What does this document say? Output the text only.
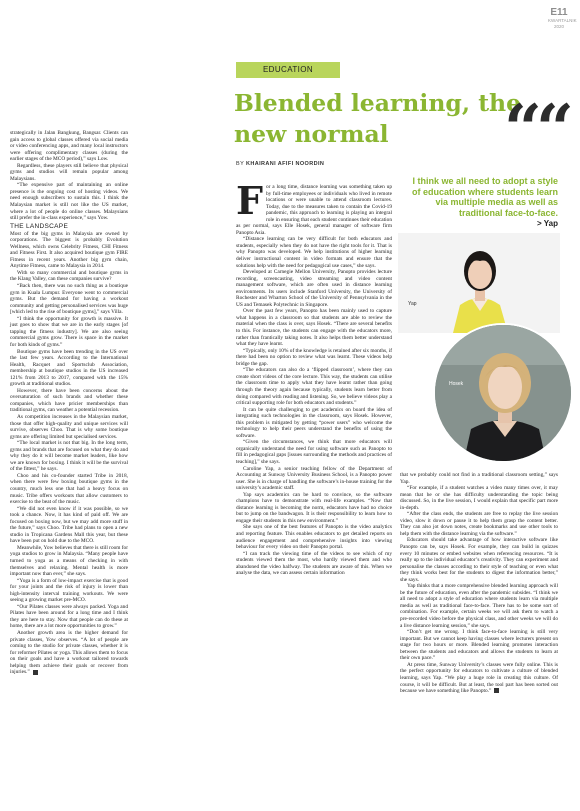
E11
KWARTALNIK
2020
EDUCATION
Blended learning, the new normal
BY KHAIRANI AFIFI NOORDIN

strategically in Jalan Bangkung, Bangsar. Clients can gain access to global classes offered via social media or video conferencing apps, and many local instructors were offering complimentary classes (during the earlier stages of the MCO period),” says Low.

Regardless, these players still believe that physical gyms and studios will remain popular among Malaysians.

“The expensive part of maintaining an online presence is the ongoing cost of hosting videos. We need enough subscribers to sustain this. I think the Malaysian market is still not like the US market, where a lot of people do online classes. Malaysians still prefer the in-class experience,” says Yow.

THE LANDSCAPE

Most of the big gyms in Malaysia are owned by corporations. The biggest is probably Evolution Wellness, which owns Celebrity Fitness, CHI Fitness and Fitness First. It also acquired boutique gym FIRE Fitness in recent years. Another big gym chain, Anytime Fitness, came to Malaysia in 2014.

With so many commercial and boutique gyms in the Klang Valley, can these companies survive?

“Back then, there was no such thing as a boutique gym in Kuala Lumpur. Everyone went to commercial gyms. But the demand for having a workout community and getting personalised services was huge [which led to the rise of boutique gyms],” says Villa.

“I think the opportunity for growth is massive. It just goes to show that we are in the early stages [of tapping the fitness industry]. We are also seeing commercial gyms grow. There is space in the market for both kinds of gyms.”

Boutique gyms have been trending in the US over the last few years. According to the International Health, Racquet and Sportsclub Association, membership at boutique studios in the US increased 121% from 2013 to 2017, compared with the 15% growth at traditional studios.

However, there have been concerns about the oversaturation of such brands and whether these companies, which have pricier memberships than traditional gyms, can weather a potential recession.

As competition increases in the Malaysian market, those that offer high-quality and unique services will survive, observes Choo. That is why some boutique gyms are offering limited but specialised services.

“The local market is not that big. In the long term, gyms and brands that are focused on what they do and why they do it will become market leaders, like how we are known for boxing. I think it will be the survival of the fittest,” he says.

Choo and his co-founder started Tribe in 2018, when there were few boxing boutique gyms in the country, much less one that had a heavy focus on music. Tribe offers workouts that allow customers to exercise to the beat of the music.

“We did not even know if it was possible, so we took a chance. Now, it has kind of paid off. We are focused on boxing now, but we may add more stuff in the future,” says Choo. Tribe had plans to open a new studio in Tropicana Gardens Mall this year, but these have been put on hold due to the MCO.

Meanwhile, Yow believes that there is still room for yoga studios to grow in Malaysia. “Many people have turned to yoga as a means of checking in with themselves and relaxing. Mental health is more important now than ever,” she says.

“Yoga is a form of low-impact exercise that is good for your joints and the risk of injury is lower than high-intensity interval training workouts. We were seeing a growing market pre-MCO.

“Our Pilates classes were always packed. Yoga and Pilates have been around for a long time and I think they are here to stay. Now that people can do these at home, there are a lot more opportunities to grow.”

Another growth area is the higher demand for private classes, Yow observes. “A lot of people are coming to the studio for private classes, whether it is for reformer Pilates or yoga. This allows them to focus on their goals and have a workout tailored towards helping them achieve their goals or recover from injuries.”

For a long time, distance learning was something taken up by full-time employees or individuals who lived in remote locations or were unable to attend classroom lectures. Today, due to the measures taken to contain the Covid-19 pandemic, this approach to learning is playing an integral role in ensuring that each student continues their education as per normal, says Elle Hosek, general manager of software firm Panopto Asia.

“Distance learning can be very difficult for both educators and students, especially when they do not have the right tools for it. That is why Panopto was developed. We help institutions of higher learning deliver instructional content in video formats and ensure that the solutions help with the need for pedagogical use cases,” she says.

Developed at Carnegie Mellon University, Panopto provides lecture recording, screencasting, video streaming and video content management software, which are often used in distance learning environments. Its users include Stanford University, the University of Rochester and Wharton School of the University of Pennsylvania in the US and Temasek Polytechnic in Singapore.

Over the past few years, Panopto has been mainly used to capture what happens in a classroom so that students are able to review the material when the class is over, says Hosek. “There are several benefits to this. For instance, the students can engage with the educators more, rather than frantically taking notes. It also helps them better understand what they have learnt.

“Typically, only 10% of the knowledge is retained after six months, if there had been no option to review what was learnt. These videos help bridge the gap.

“The educators can also do a ‘flipped classroom’, where they can create short videos of the core lecture. This way, the students can utilise the classroom time to apply what they have learnt rather than going through the theory again because typically, students learn better from doing compared with reading and listening. So, we believe videos play a critical supporting role for both educators and students.”

It can be quite challenging to get academics on board the idea of integrating such technologies in the classroom, says Hosek. However, this problem is mitigated by getting “power users” who welcome the technology to help their peers understand the benefits of using the software.

“Given the circumstances, we think that more educators will organically understand the need for using software such as Panopto to fill in pedagogical gaps [issues surrounding the methods and practices of teaching],” she says.

Caroline Yap, a senior teaching fellow of the Department of Accounting at Sunway University Business School, is a Panopto power user. She is in charge of handling the software’s in-house training for the university’s academic staff.

Yap says academics can be hard to convince, so the software champions have to demonstrate with real-life examples. “Now that distance learning is becoming the norm, educators have had no choice but to jump on the bandwagon. It is their responsibility to learn how to engage their students in this new environment.”

She says one of the best features of Panopto is the video analytics and reporting feature. This enables educators to get detailed reports on audience engagement and comprehensive insights into viewing behaviour for every video on their Panopto portal.

“I can track the viewing time of the videos to see which of my students viewed them the most, who hardly viewed them and who abandoned the video halfway. The students are aware of this. When we analyse the data, we can assess certain information

““
I think we all need to adopt a style of education where students learn via multiple media as well as traditional face-to-face.
> Yap
Yap
Hosek

that we probably could not find in a traditional classroom setting,” says Yap.

“For example, if a student watches a video many times over, it may mean that he or she has difficulty understanding the topic being discussed. So, in the live session, I would explain that specific part more in-depth.

“After the class ends, the students are free to replay the live session video, slow it down or pause it to help them grasp the content better. They can also jot down notes, create bookmarks and use other tools to help them with the distance learning via the software.”

Educators should take advantage of how interactive software like Panopto can be, says Hosek. For example, they can build in quizzes every 10 minutes or embed websites when referencing resources. “It is really up to the individual educator’s creativity. They can experiment and personalise the classes according to their style of teaching or even what they think works best for the students to digest the information better,” she says.

Yap thinks that a more comprehensive blended learning approach will be the future of education, even after the pandemic subsides. “I think we all need to adopt a style of education where students learn via multiple media as well as traditional face-to-face. There has to be some sort of combination. For example, certain weeks we will ask them to watch a pre-recorded video before the physical class, and other weeks we will do a live distance learning session,” she says.

“Don’t get me wrong. I think face-to-face learning is still very important. But we cannot keep having classes where lecturers present on stage for two hours or more. Blended learning promotes interaction between the students and educators and allows the students to learn at their own pace.”

At press time, Sunway University’s classes were fully online. This is the perfect opportunity for educators to cultivate a culture of blended learning, says Yap. “We play a huge role in creating this culture. Of course, it will be difficult. But at least, the tool part has been sorted out because we have something like Panopto.”
